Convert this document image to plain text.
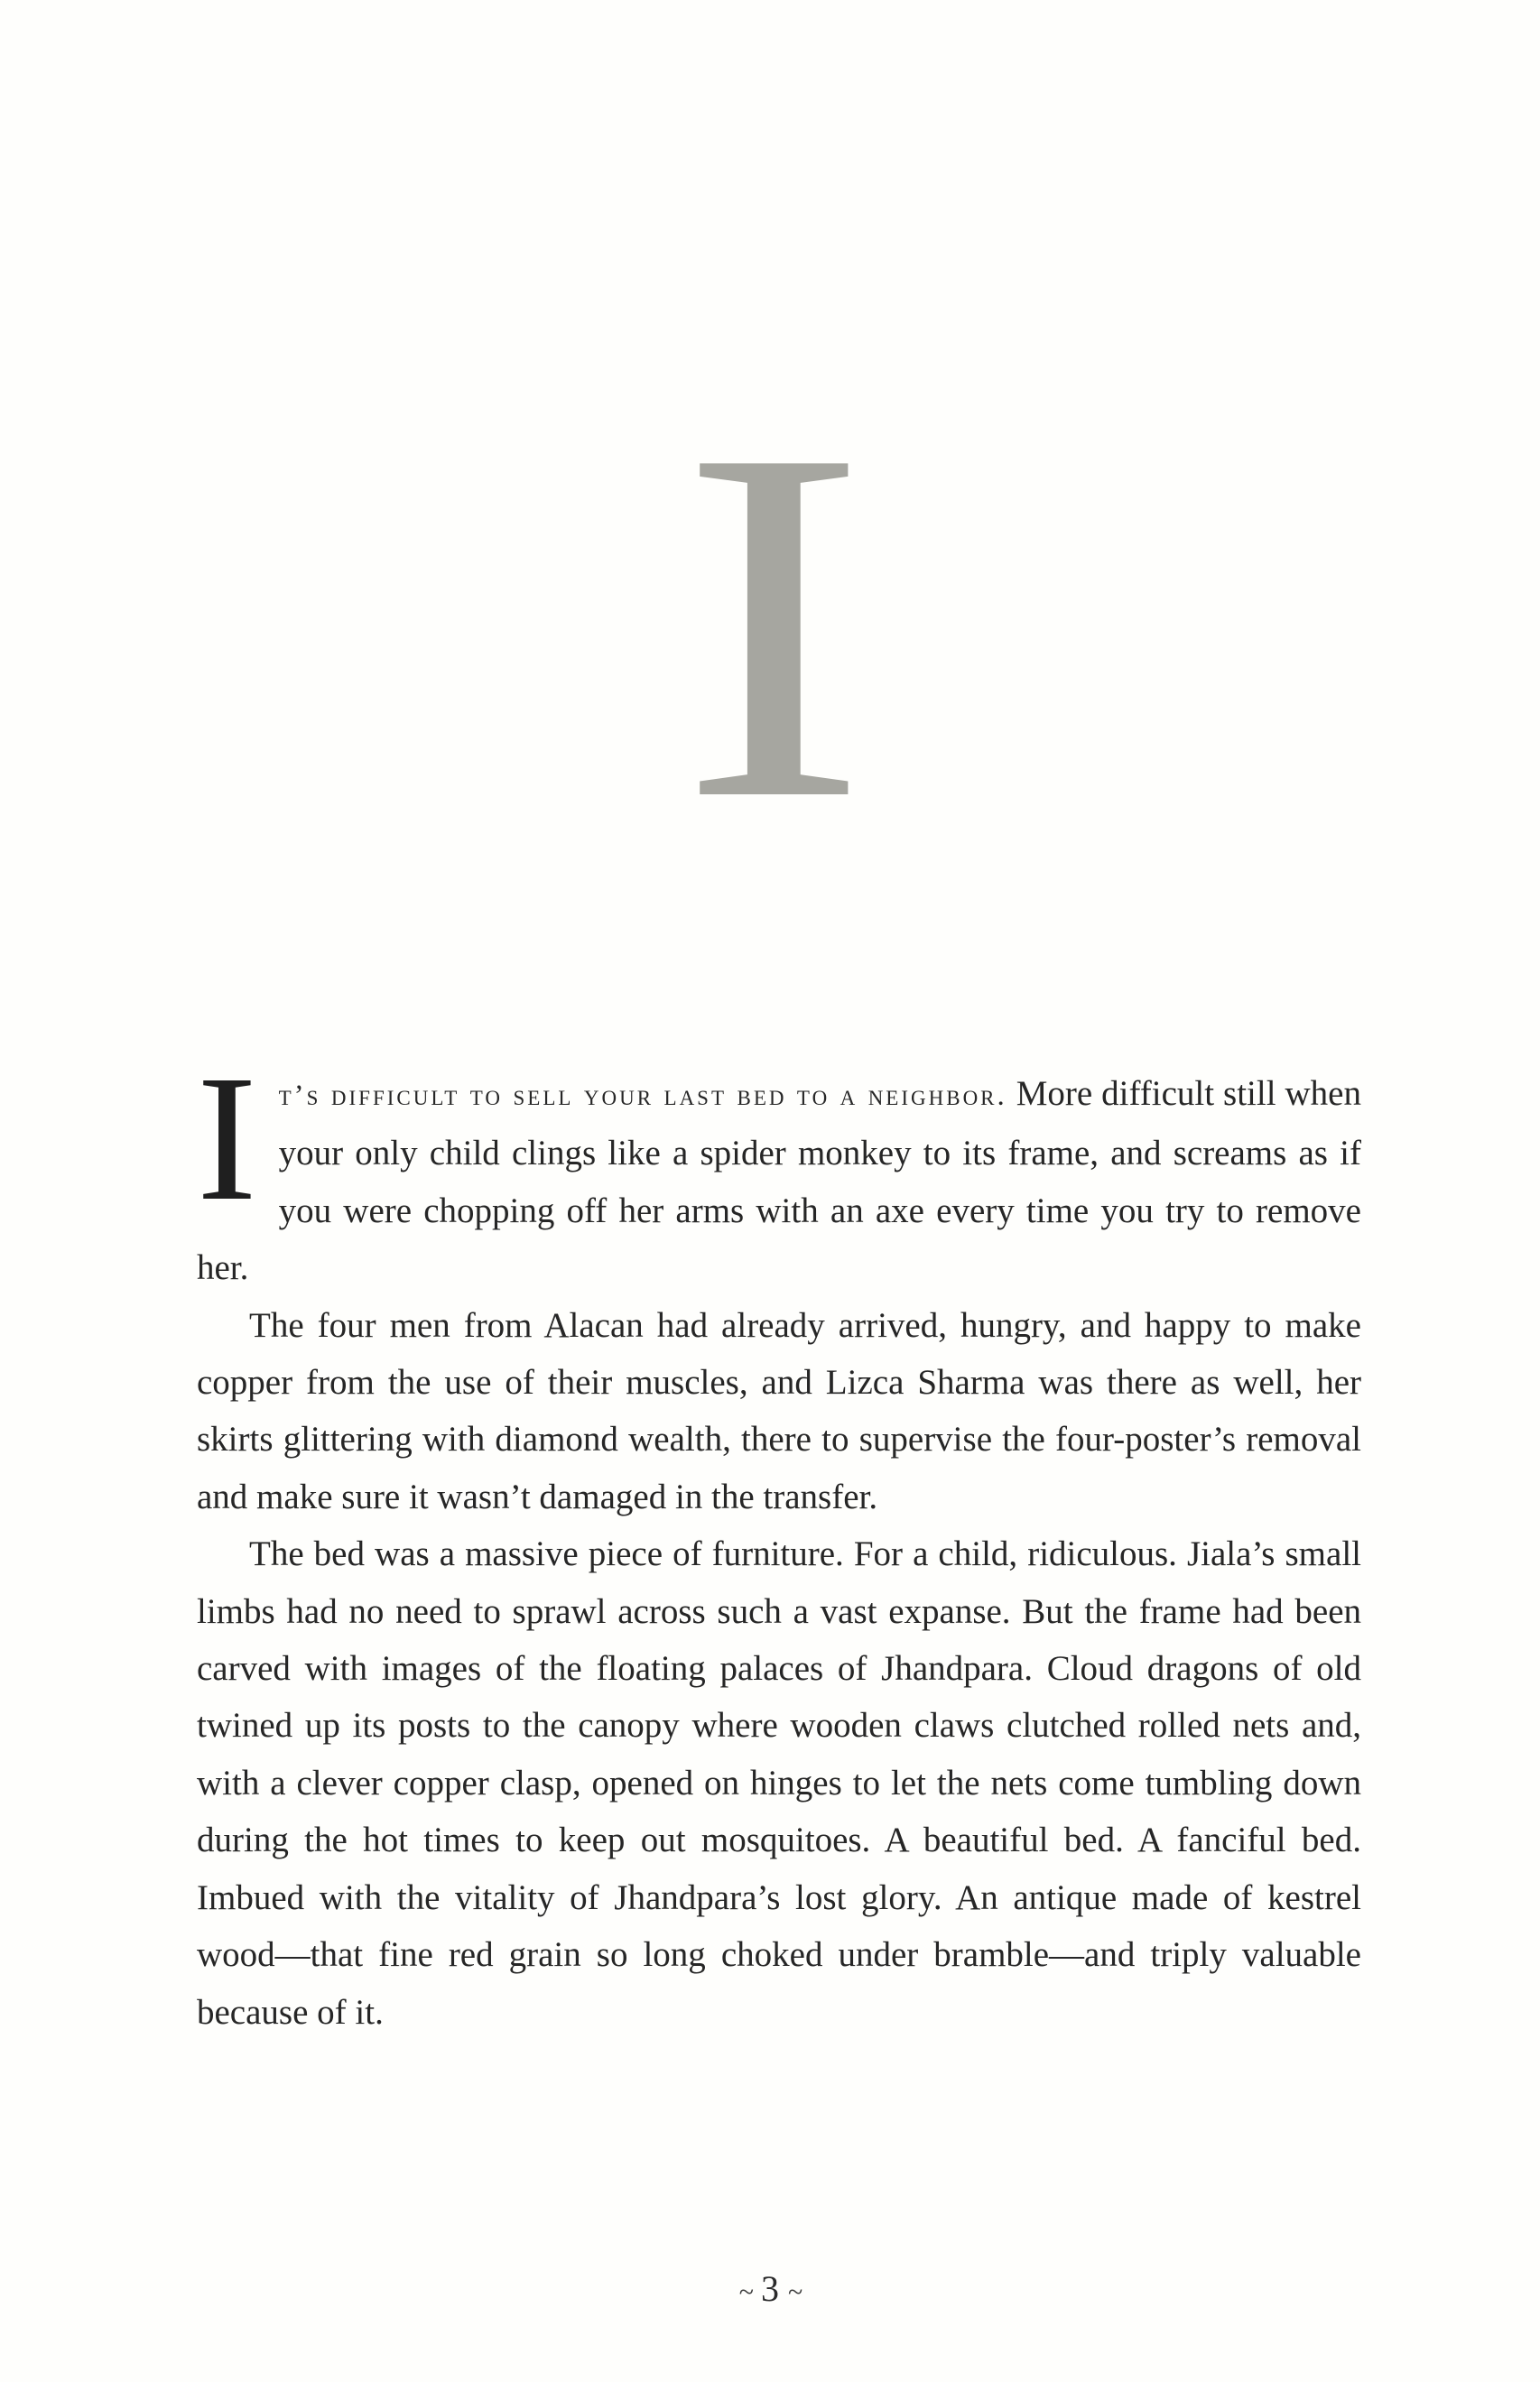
I

It’s difficult to sell your last bed to a neighbor. More difficult still when your only child clings like a spider monkey to its frame, and screams as if you were chopping off her arms with an axe every time you try to remove her.

The four men from Alacan had already arrived, hungry, and happy to make copper from the use of their muscles, and Lizca Sharma was there as well, her skirts glittering with diamond wealth, there to supervise the four-poster’s removal and make sure it wasn’t damaged in the transfer.

The bed was a massive piece of furniture. For a child, ridiculous. Jiala’s small limbs had no need to sprawl across such a vast expanse. But the frame had been carved with images of the floating palaces of Jhandpara. Cloud dragons of old twined up its posts to the canopy where wooden claws clutched rolled nets and, with a clever copper clasp, opened on hinges to let the nets come tumbling down during the hot times to keep out mosquitoes. A beautiful bed. A fanciful bed. Imbued with the vitality of Jhandpara’s lost glory. An antique made of kestrel wood—that fine red grain so long choked under bramble—and triply valuable because of it.

~ 3 ~
